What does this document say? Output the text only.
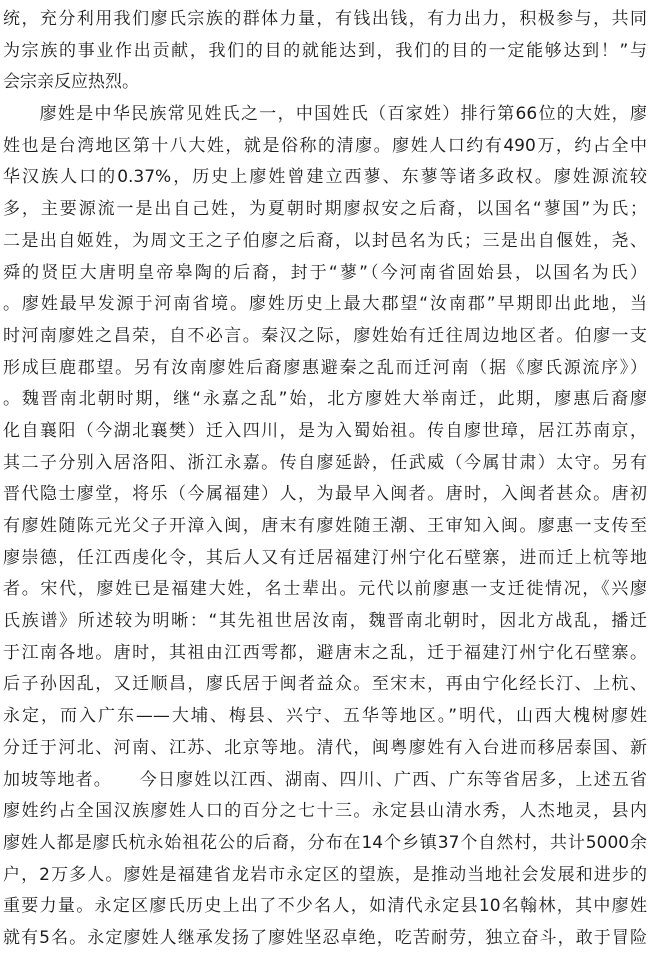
统，充分利用我们廖氏宗族的群体力量，有钱出钱，有力出力，积极参与，共同
为宗族的事业作出贡献，我们的目的就能达到，我们的目的一定能够达到！”与
会宗亲反应热烈。
　　廖姓是中华民族常见姓氏之一，中国姓氏（百家姓）排行第66位的大姓，廖
姓也是台湾地区第十八大姓，就是俗称的清廖。廖姓人口约有490万，约占全中
华汉族人口的0.37%，历史上廖姓曾建立西蓼、东蓼等诸多政权。廖姓源流较
多，主要源流一是出自己姓，为夏朝时期廖叔安之后裔，以国名“蓼国”为氏；
二是出自姬姓，为周文王之子伯廖之后裔，以封邑名为氏；三是出自偃姓，尧、
舜的贤臣大唐明皇帝皋陶的后裔，封于“蓼”（今河南省固始县，以国名为氏）
。廖姓最早发源于河南省境。廖姓历史上最大郡望“汝南郡”早期即出此地，当
时河南廖姓之昌荣，自不必言。秦汉之际，廖姓始有迁往周边地区者。伯廖一支
形成巨鹿郡望。另有汝南廖姓后裔廖惠避秦之乱而迁河南（据《廖氏源流序》）
。魏晋南北朝时期，继“永嘉之乱”始，北方廖姓大举南迁，此期，廖惠后裔廖
化自襄阳（今湖北襄樊）迁入四川，是为入蜀始祖。传自廖世璋，居江苏南京，
其二子分别入居洛阳、浙江永嘉。传自廖延龄，任武威（今属甘肃）太守。另有
晋代隐士廖堂，将乐（今属福建）人，为最早入闽者。唐时，入闽者甚众。唐初
有廖姓随陈元光父子开漳入闽，唐末有廖姓随王潮、王审知入闽。廖惠一支传至
廖崇德，任江西虔化令，其后人又有迁居福建汀州宁化石壁寨，进而迁上杭等地
者。宋代，廖姓已是福建大姓，名士辈出。元代以前廖惠一支迁徙情况，《兴廖
氏族谱》所述较为明晰：“其先祖世居汝南，魏晋南北朝时，因北方战乱，播迁
于江南各地。唐时，其祖由江西雩都，避唐末之乱，迁于福建汀州宁化石壁寨。
后子孙因乱，又迁顺昌，廖氏居于闽者益众。至宋末，再由宁化经长汀、上杭、
永定，而入广东——大埔、梅县、兴宁、五华等地区。”明代，山西大槐树廖姓
分迁于河北、河南、江苏、北京等地。清代，闽粤廖姓有入台进而移居泰国、新
加坡等地者。　　今日廖姓以江西、湖南、四川、广西、广东等省居多，上述五省
廖姓约占全国汉族廖姓人口的百分之七十三。永定县山清水秀，人杰地灵，县内
廖姓人都是廖氏杭永始祖花公的后裔，分布在14个乡镇37个自然村，共计5000余
户，2万多人。廖姓是福建省龙岩市永定区的望族，是推动当地社会发展和进步的
重要力量。永定区廖氏历史上出了不少名人，如清代永定县10名翰林，其中廖姓
就有5名。永定廖姓人继承发扬了廖姓坚忍卓绝，吃苦耐劳，独立奋斗，敢于冒险
